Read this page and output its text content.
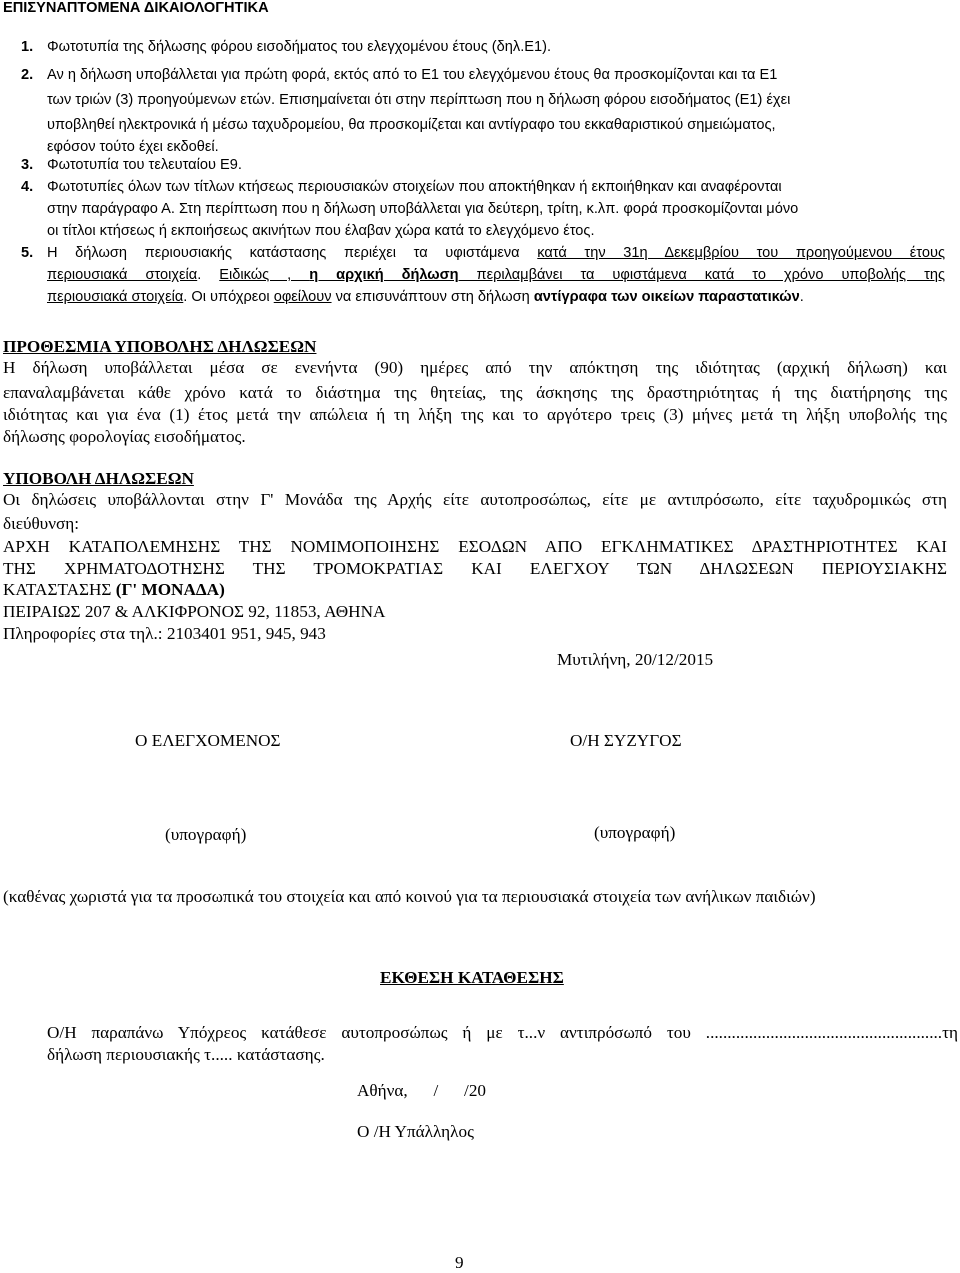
ΕΠΙΣΥΝΑΠΤΟΜΕΝΑ ΔΙΚΑΙΟΛΟΓΗΤΙΚΑ
1. Φωτοτυπία της δήλωσης φόρου εισοδήματος του ελεγχομένου έτους (δηλ.Ε1).
2. Αν η δήλωση υποβάλλεται για πρώτη φορά, εκτός από το Ε1 του ελεγχόμενου έτους θα προσκομίζονται και τα Ε1
των τριών (3) προηγούμενων ετών. Επισημαίνεται ότι στην περίπτωση που η δήλωση φόρου εισοδήματος (Ε1) έχει
υποβληθεί ηλεκτρονικά ή μέσω ταχυδρομείου, θα προσκομίζεται και αντίγραφο του εκκαθαριστικού σημειώματος,
εφόσον τούτο έχει εκδοθεί.
3. Φωτοτυπία του τελευταίου Ε9.
4. Φωτοτυπίες όλων των τίτλων κτήσεως περιουσιακών στοιχείων που αποκτήθηκαν ή εκποιήθηκαν και αναφέρονται
στην παράγραφο Α. Στη περίπτωση που η δήλωση υποβάλλεται για δεύτερη, τρίτη, κ.λπ. φορά προσκομίζονται μόνο
οι τίτλοι κτήσεως ή εκποιήσεως ακινήτων που έλαβαν χώρα κατά το ελεγχόμενο έτος.
5. Η δήλωση περιουσιακής κατάστασης περιέχει τα υφιστάμενα κατά την 31η Δεκεμβρίου του προηγούμενου έτους
περιουσιακά στοιχεία. Ειδικώς , η αρχική δήλωση περιλαμβάνει τα υφιστάμενα κατά το χρόνο υποβολής της
περιουσιακά στοιχεία. Οι υπόχρεοι οφείλουν να επισυνάπτουν στη δήλωση αντίγραφα των οικείων παραστατικών.
ΠΡΟΘΕΣΜΙΑ ΥΠΟΒΟΛΗΣ ΔΗΛΩΣΕΩΝ
Η δήλωση υποβάλλεται μέσα σε ενενήντα (90) ημέρες από την απόκτηση της ιδιότητας (αρχική δήλωση) και
επαναλαμβάνεται κάθε χρόνο κατά το διάστημα της θητείας, της άσκησης της δραστηριότητας ή της διατήρησης της
ιδιότητας και για ένα (1) έτος μετά την απώλεια ή τη λήξη της και το αργότερο τρεις (3) μήνες μετά τη λήξη υποβολής της
δήλωσης φορολογίας εισοδήματος.
ΥΠΟΒΟΛΗ ΔΗΛΩΣΕΩΝ
Οι δηλώσεις υποβάλλονται στην Γ' Μονάδα της Αρχής είτε αυτοπροσώπως, είτε με αντιπρόσωπο, είτε ταχυδρομικώς στη
διεύθυνση:
ΑΡΧΗ ΚΑΤΑΠΟΛΕΜΗΣΗΣ ΤΗΣ ΝΟΜΙΜΟΠΟΙΗΣΗΣ ΕΣΟΔΩΝ ΑΠΟ ΕΓΚΛΗΜΑΤΙΚΕΣ ΔΡΑΣΤΗΡΙΟΤΗΤΕΣ ΚΑΙ
ΤΗΣ ΧΡΗΜΑΤΟΔΟΤΗΣΗΣ ΤΗΣ ΤΡΟΜΟΚΡΑΤΙΑΣ ΚΑΙ ΕΛΕΓΧΟΥ ΤΩΝ ΔΗΛΩΣΕΩΝ ΠΕΡΙΟΥΣΙΑΚΗΣ
ΚΑΤΑΣΤΑΣΗΣ (Γ' ΜΟΝΑΔΑ)
ΠΕΙΡΑΙΩΣ 207 & ΑΛΚΙΦΡΟΝΟΣ 92, 11853, ΑΘΗΝΑ
Πληροφορίες στα τηλ.: 2103401 951, 945, 943
Μυτιλήνη, 20/12/2015
Ο ΕΛΕΓΧΟΜΕΝΟΣ	Ο/Η ΣΥΖΥΓΟΣ
(υπογραφή)	(υπογραφή)
(καθένας χωριστά για τα προσωπικά του στοιχεία και από κοινού για τα περιουσιακά στοιχεία των ανήλικων παιδιών)
ΕΚΘΕΣΗ ΚΑΤΑΘΕΣΗΣ
Ο/Η παραπάνω Υπόχρεος κατάθεσε αυτοπροσώπως ή με τ...ν αντιπρόσωπό του .......................................................τη
δήλωση περιουσιακής τ..... κατάστασης.
Αθήνα,      /      /20
Ο /Η Υπάλληλος
9
